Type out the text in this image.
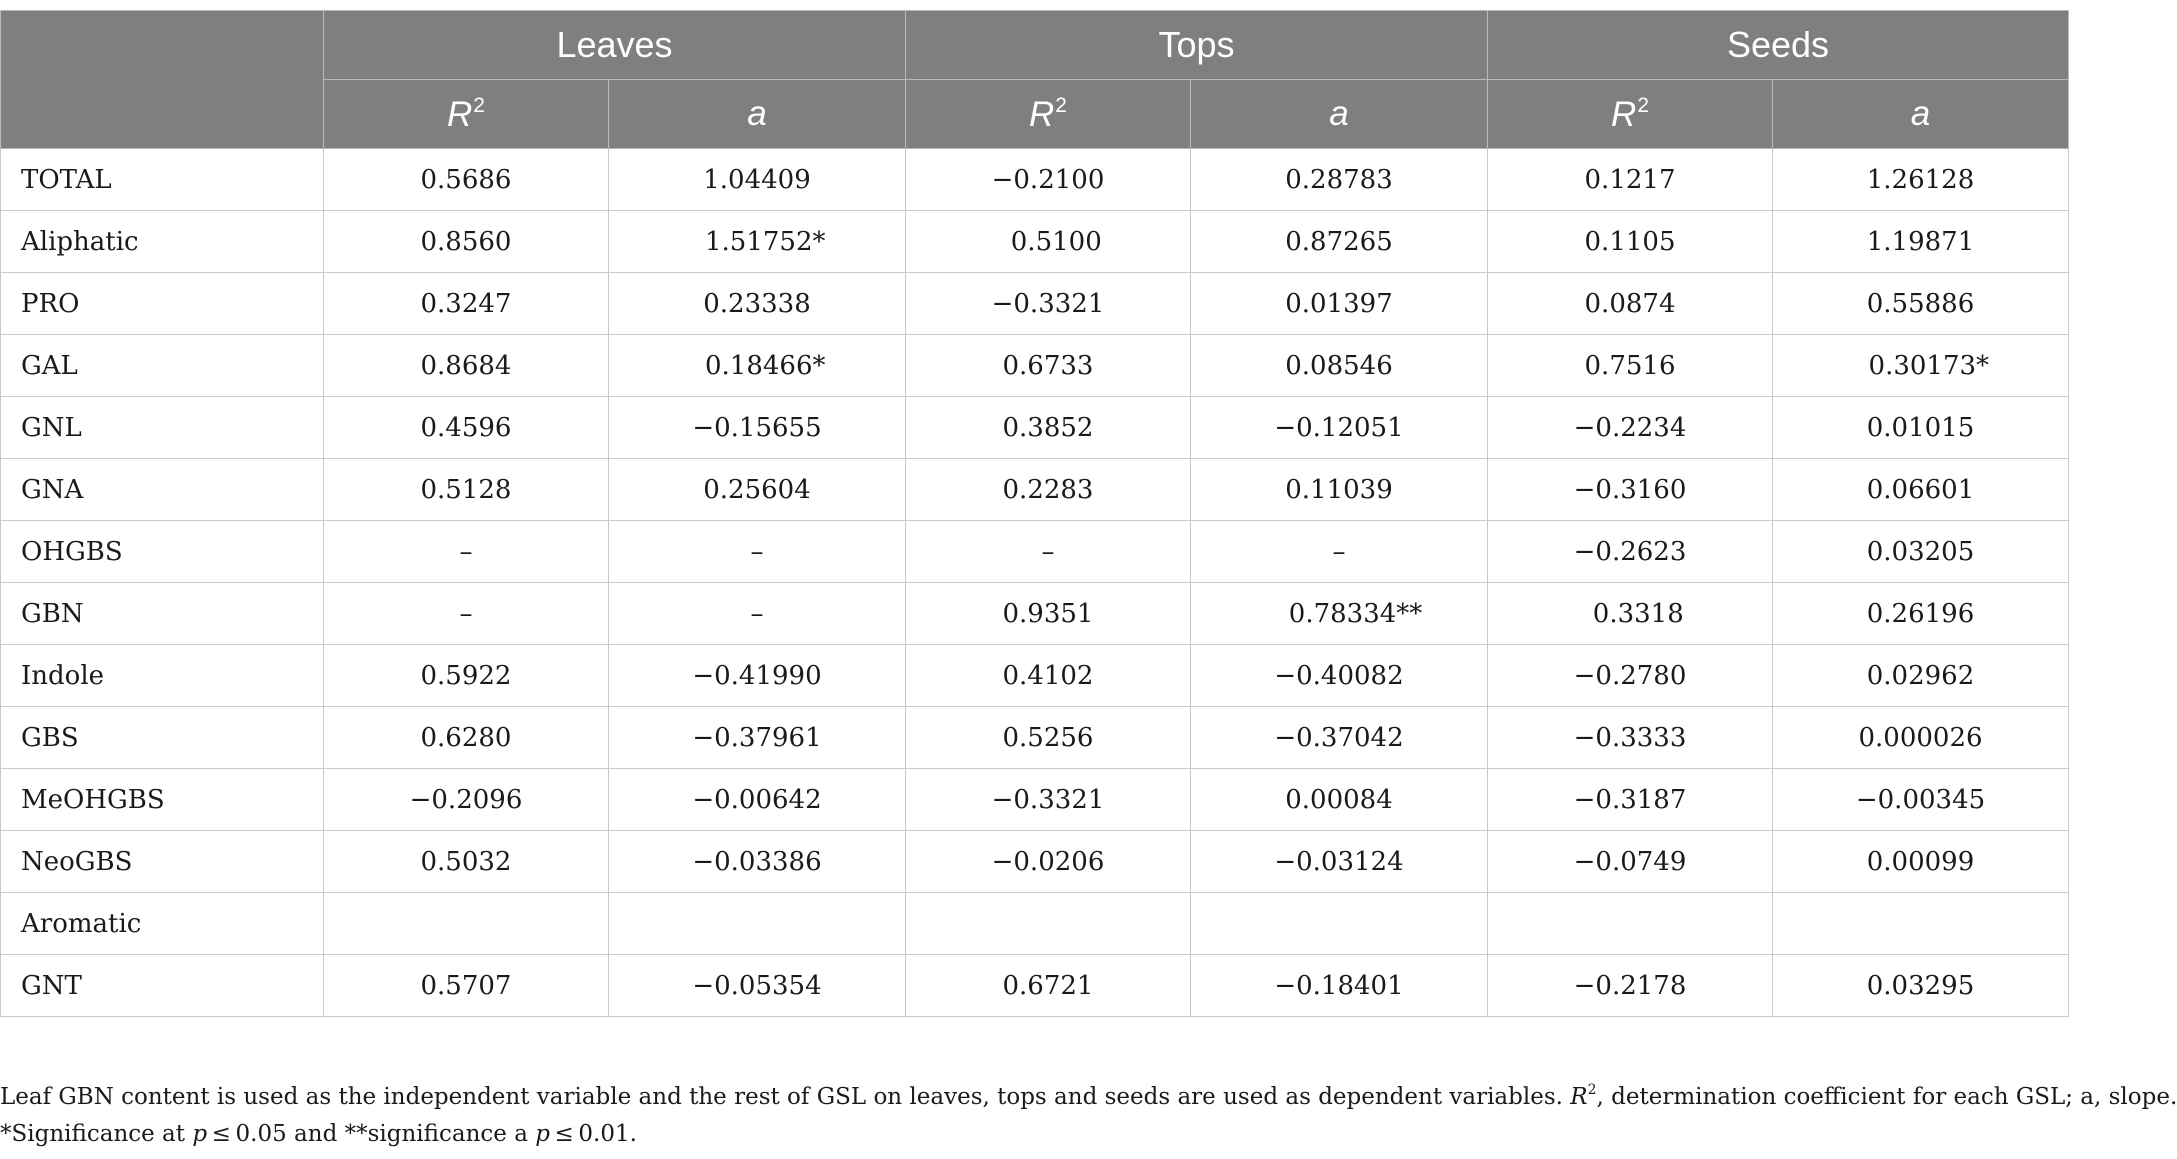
	Leaves		Tops		Seeds	
	$R^2$	a	$R^2$	a	$R^2$	a
TOTAL	0.5686	1.04409	−0.2100	0.28783	0.1217	1.26128
Aliphatic	0.8560	1.51752*	0.5100	0.87265	0.1105	1.19871
PRO	0.3247	0.23338	−0.3321	0.01397	0.0874	0.55886
GAL	0.8684	0.18466*	0.6733	0.08546	0.7516	0.30173*
GNL	0.4596	−0.15655	0.3852	−0.12051	−0.2234	0.01015
GNA	0.5128	0.25604	0.2283	0.11039	−0.3160	0.06601
OHGBS	–	–	–	–	−0.2623	0.03205
GBN	–	–	0.9351	0.78334**	0.3318	0.26196
Indole	0.5922	−0.41990	0.4102	−0.40082	−0.2780	0.02962
GBS	0.6280	−0.37961	0.5256	−0.37042	−0.3333	0.000026
MeOHGBS	−0.2096	−0.00642	−0.3321	0.00084	−0.3187	−0.00345
NeoGBS	0.5032	−0.03386	−0.0206	−0.03124	−0.0749	0.00099
Aromatic						
GNT	0.5707	−0.05354	0.6721	−0.18401	−0.2178	0.03295

Leaf GBN content is used as the independent variable and the rest of GSL on leaves, tops and seeds are used as dependent variables. $R^2$, determination coefficient for each GSL; a, slope.

*Significance at p ≤ 0.05 and **significance a p ≤ 0.01.
